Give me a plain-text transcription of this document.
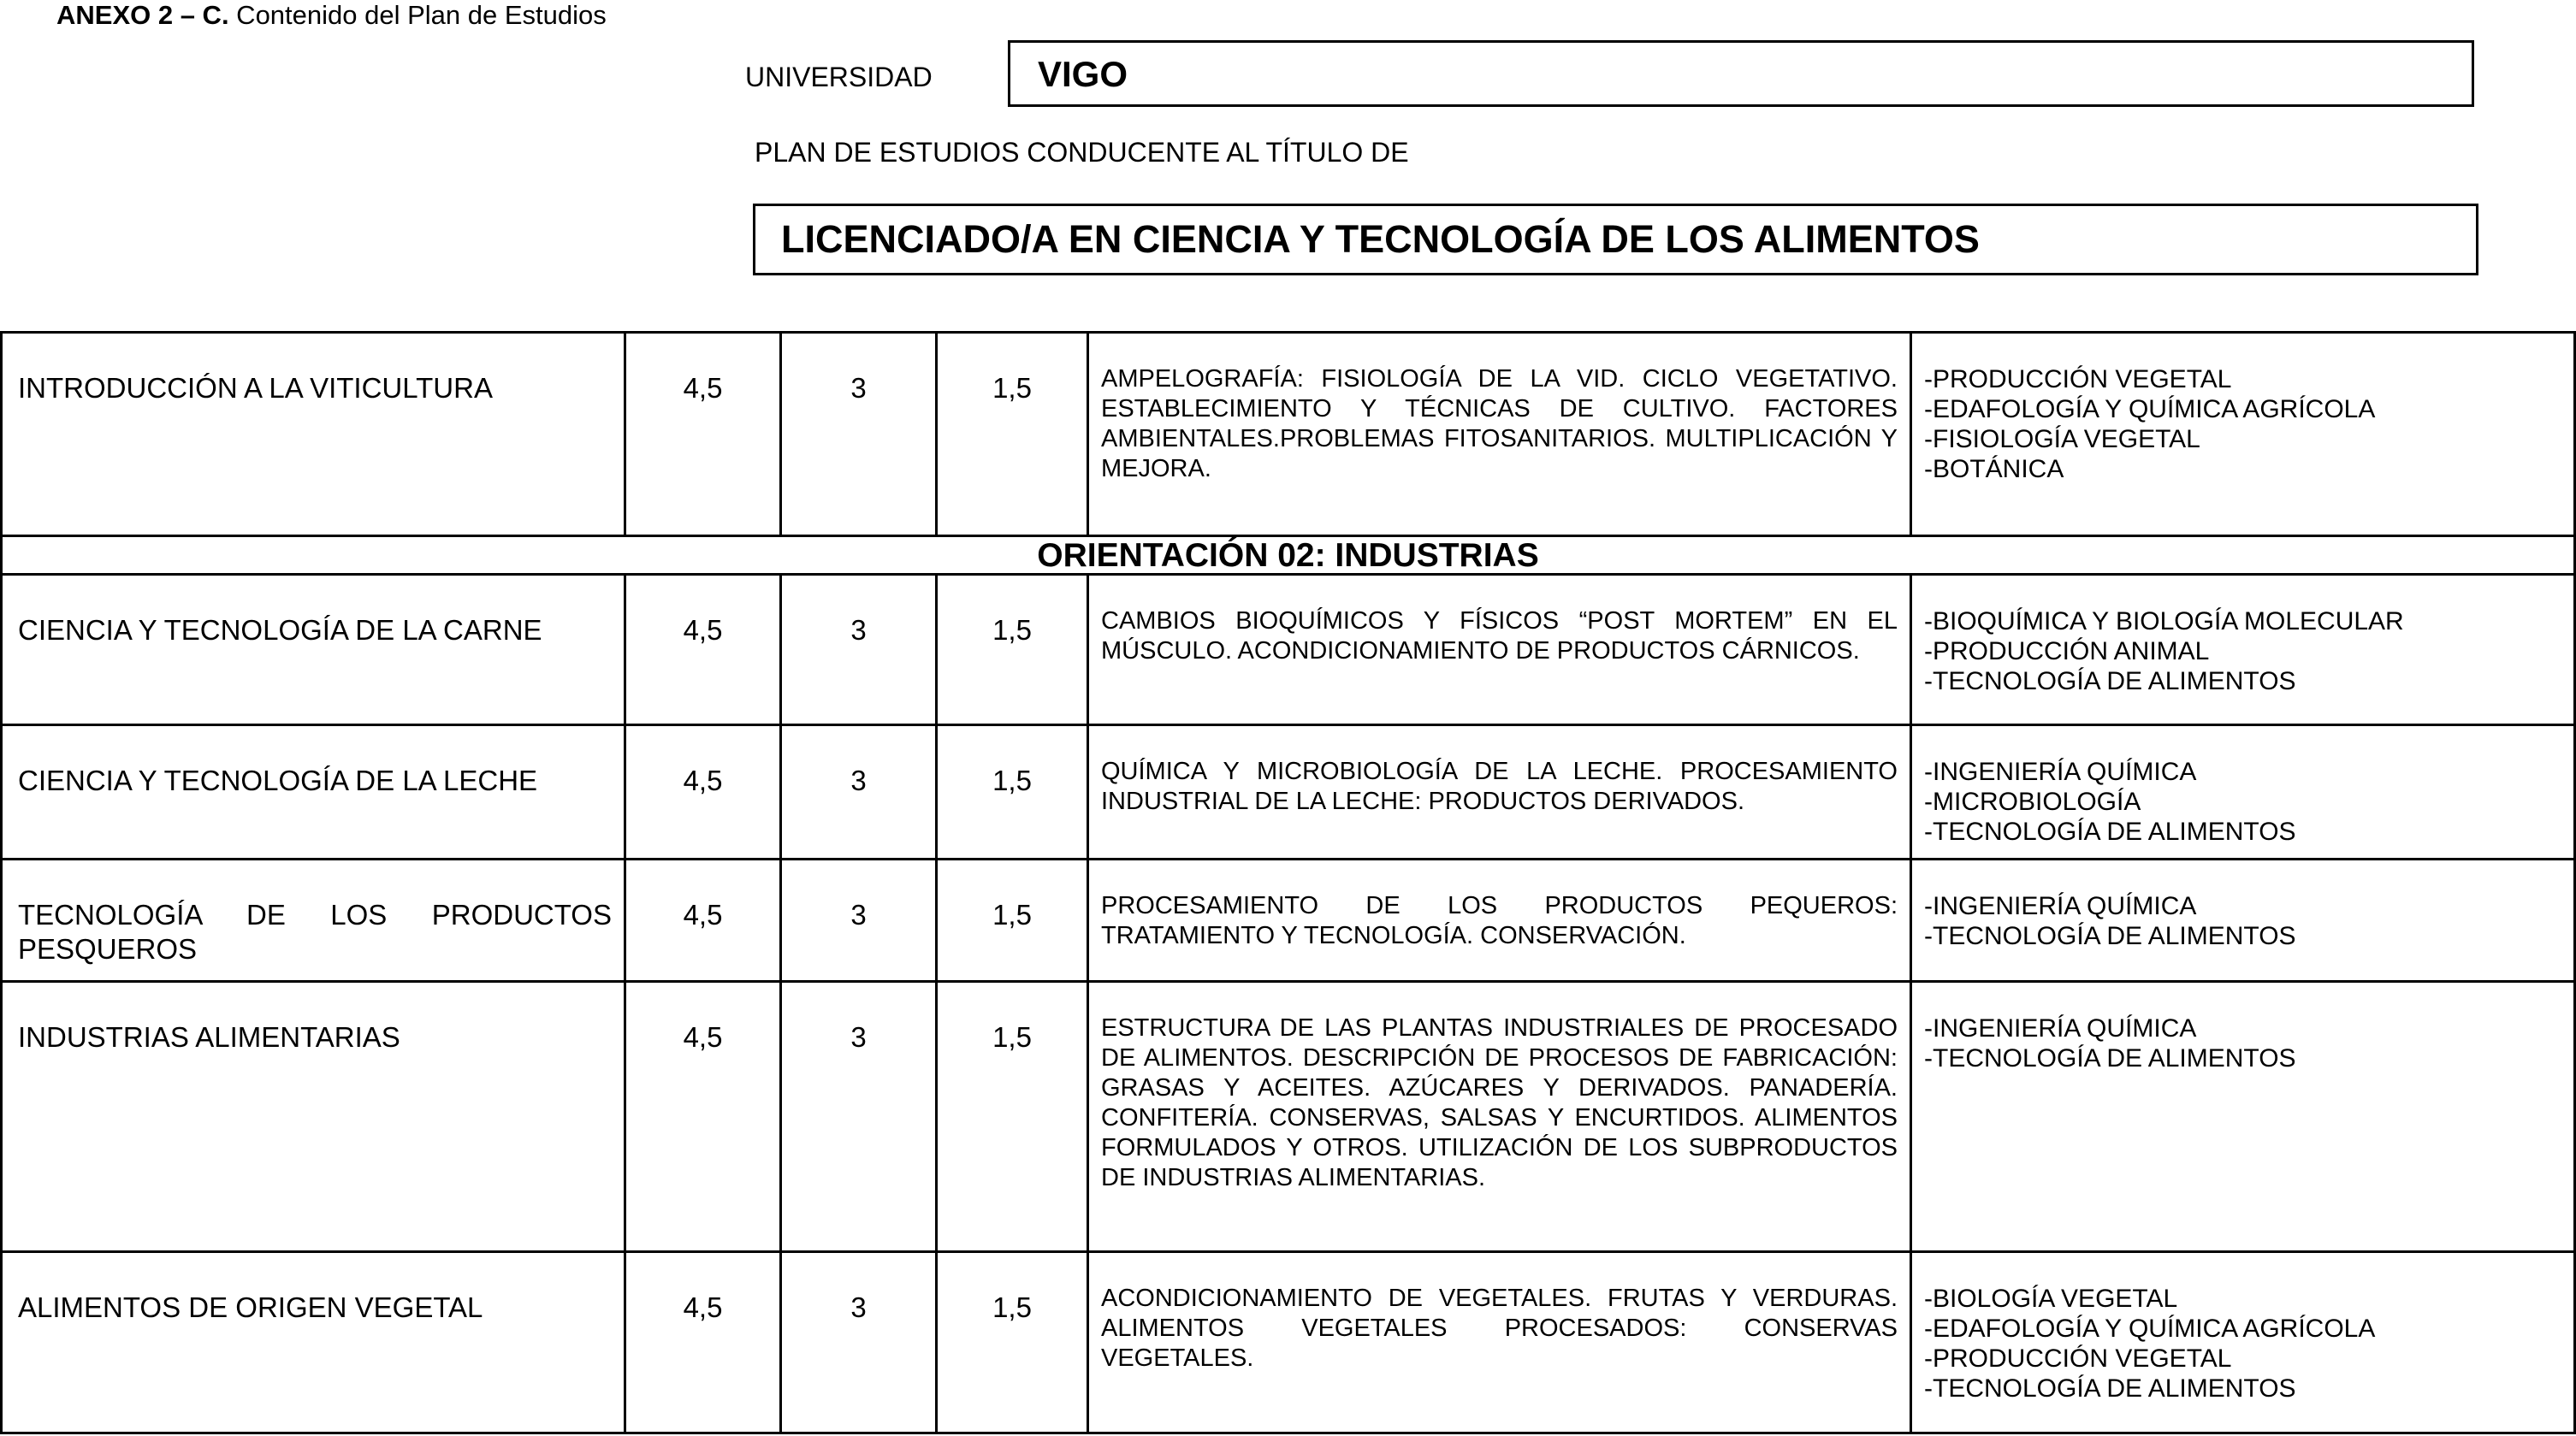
ANEXO 2 – C. Contenido del Plan de Estudios
UNIVERSIDAD	VIGO
PLAN DE ESTUDIOS CONDUCENTE AL TÍTULO DE
LICENCIADO/A EN CIENCIA Y TECNOLOGÍA DE LOS ALIMENTOS
INTRODUCCIÓN A LA VITICULTURA	4,5	3	1,5	AMPELOGRAFÍA: FISIOLOGÍA DE LA VID. CICLO VEGETATIVO. ESTABLECIMIENTO Y TÉCNICAS DE CULTIVO. FACTORES AMBIENTALES.PROBLEMAS FITOSANITARIOS. MULTIPLICACIÓN Y MEJORA.	-PRODUCCIÓN VEGETAL
-EDAFOLOGÍA Y QUÍMICA AGRÍCOLA
-FISIOLOGÍA VEGETAL
-BOTÁNICA

ORIENTACIÓN 02: INDUSTRIAS					
CIENCIA Y TECNOLOGÍA DE LA CARNE	4,5	3	1,5	CAMBIOS BIOQUÍMICOS Y FÍSICOS “POST MORTEM” EN EL MÚSCULO. ACONDICIONAMIENTO DE PRODUCTOS CÁRNICOS.	-BIOQUÍMICA Y BIOLOGÍA MOLECULAR
-PRODUCCIÓN ANIMAL
-TECNOLOGÍA DE ALIMENTOS

CIENCIA Y TECNOLOGÍA DE LA LECHE	4,5	3	1,5	QUÍMICA Y MICROBIOLOGÍA DE LA LECHE. PROCESAMIENTO INDUSTRIAL DE LA LECHE: PRODUCTOS DERIVADOS.	-INGENIERÍA QUÍMICA
-MICROBIOLOGÍA
-TECNOLOGÍA DE ALIMENTOS

TECNOLOGÍA DE LOS PRODUCTOS PESQUEROS	4,5	3	1,5	PROCESAMIENTO DE LOS PRODUCTOS PEQUEROS: TRATAMIENTO Y TECNOLOGÍA. CONSERVACIÓN.	-INGENIERÍA QUÍMICA
-TECNOLOGÍA DE ALIMENTOS

INDUSTRIAS ALIMENTARIAS	4,5	3	1,5	ESTRUCTURA DE LAS PLANTAS INDUSTRIALES DE PROCESADO DE ALIMENTOS. DESCRIPCIÓN DE PROCESOS DE FABRICACIÓN: GRASAS Y ACEITES. AZÚCARES Y DERIVADOS. PANADERÍA. CONFITERÍA. CONSERVAS, SALSAS Y ENCURTIDOS. ALIMENTOS FORMULADOS Y OTROS. UTILIZACIÓN DE LOS SUBPRODUCTOS DE INDUSTRIAS ALIMENTARIAS.	-INGENIERÍA QUÍMICA
-TECNOLOGÍA DE ALIMENTOS

ALIMENTOS DE ORIGEN VEGETAL	4,5	3	1,5	ACONDICIONAMIENTO DE VEGETALES. FRUTAS Y VERDURAS. ALIMENTOS VEGETALES PROCESADOS: CONSERVAS VEGETALES.	-BIOLOGÍA VEGETAL
-EDAFOLOGÍA Y QUÍMICA AGRÍCOLA
-PRODUCCIÓN VEGETAL
-TECNOLOGÍA DE ALIMENTOS
